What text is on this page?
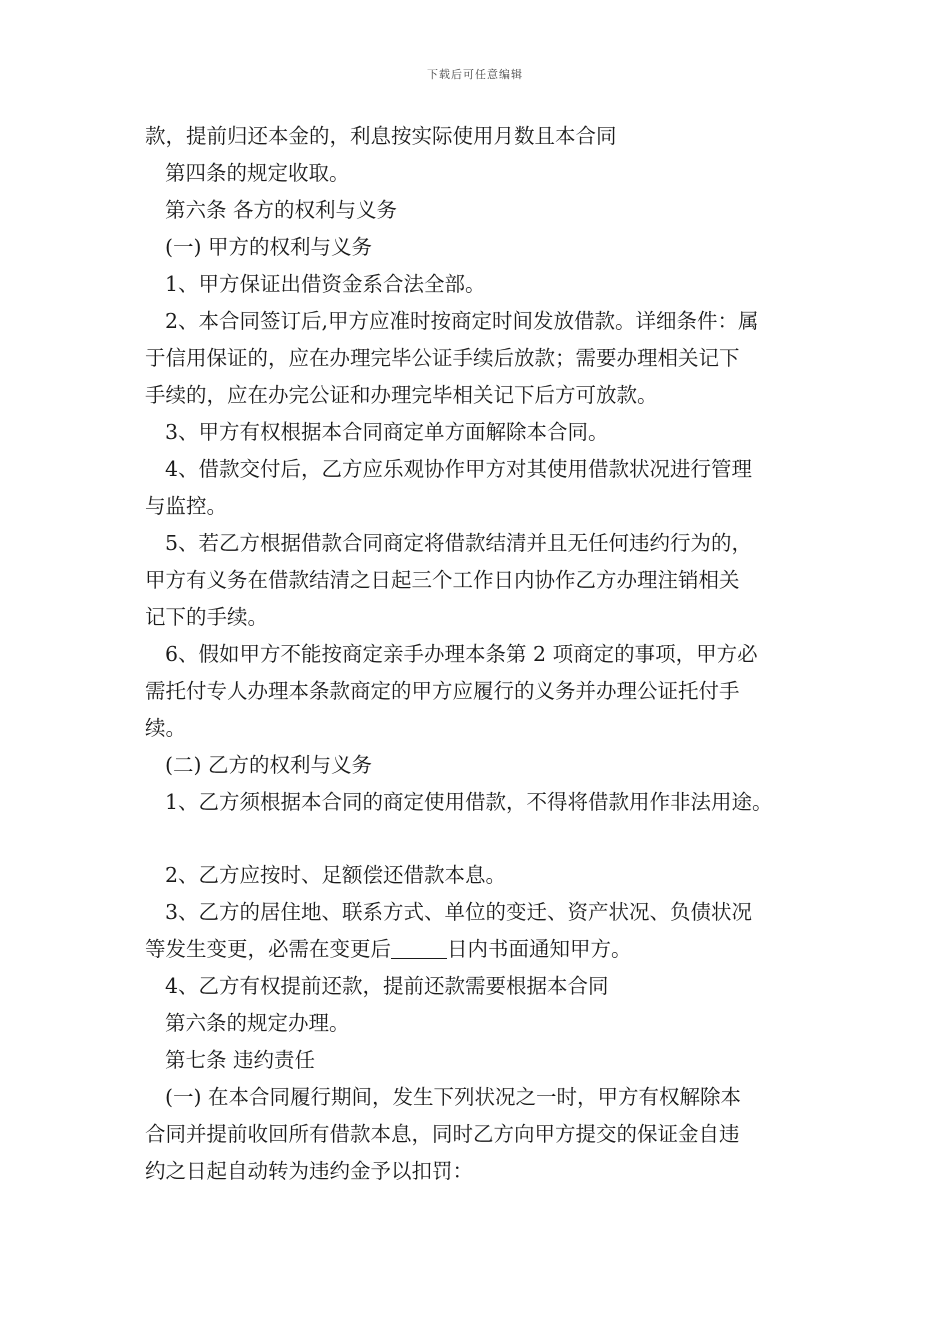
下载后可任意编辑

款，提前归还本金的，利息按实际使用月数且本合同

第四条的规定收取。

第六条 各方的权利与义务

(一) 甲方的权利与义务

1、甲方保证出借资金系合法全部。

2、本合同签订后,甲方应准时按商定时间发放借款。详细条件：属

于信用保证的，应在办理完毕公证手续后放款；需要办理相关记下

手续的，应在办完公证和办理完毕相关记下后方可放款。

3、甲方有权根据本合同商定单方面解除本合同。

4、借款交付后，乙方应乐观协作甲方对其使用借款状况进行管理

与监控。

5、若乙方根据借款合同商定将借款结清并且无任何违约行为的，

甲方有义务在借款结清之日起三个工作日内协作乙方办理注销相关

记下的手续。

6、假如甲方不能按商定亲手办理本条第 2 项商定的事项，甲方必

需托付专人办理本条款商定的甲方应履行的义务并办理公证托付手

续。

(二) 乙方的权利与义务

1、乙方须根据本合同的商定使用借款，不得将借款用作非法用途。

2、乙方应按时、足额偿还借款本息。

3、乙方的居住地、联系方式、单位的变迁、资产状况、负债状况

等发生变更，必需在变更后	日内书面通知甲方。

4、乙方有权提前还款，提前还款需要根据本合同

第六条的规定办理。

第七条 违约责任

(一) 在本合同履行期间，发生下列状况之一时，甲方有权解除本

合同并提前收回所有借款本息，同时乙方向甲方提交的保证金自违

约之日起自动转为违约金予以扣罚：
